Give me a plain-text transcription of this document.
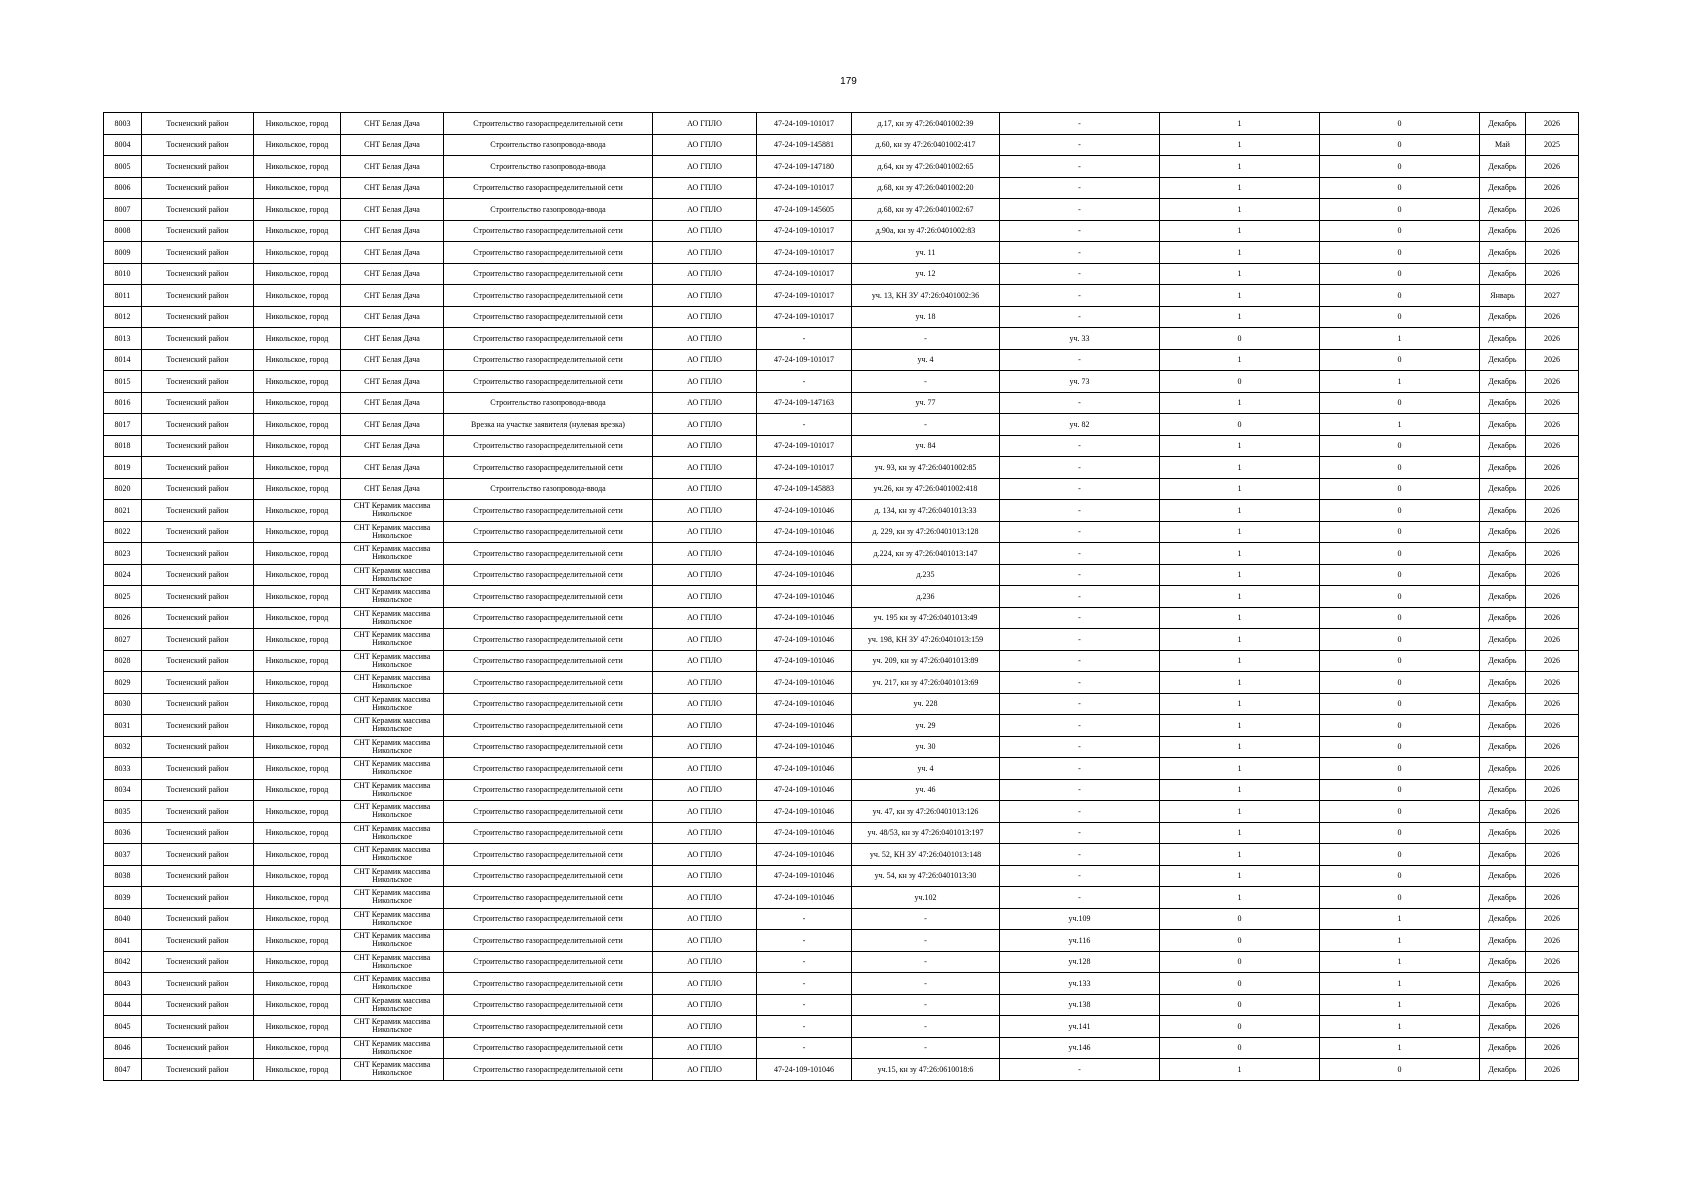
179
8003	Тосненский район	Никольское, город	СНТ Белая Дача	Строительство газораспределительной сети	АО ГПЛО	47-24-109-101017	д.17, кн зу 47:26:0401002:39	-	1	0	Декабрь	2026
8004	Тосненский район	Никольское, город	СНТ Белая Дача	Строительство газопровода-ввода	АО ГПЛО	47-24-109-145881	д.60, кн зу 47:26:0401002:417	-	1	0	Май	2025
8005	Тосненский район	Никольское, город	СНТ Белая Дача	Строительство газопровода-ввода	АО ГПЛО	47-24-109-147180	д.64, кн зу 47:26:0401002:65	-	1	0	Декабрь	2026
8006	Тосненский район	Никольское, город	СНТ Белая Дача	Строительство газораспределительной сети	АО ГПЛО	47-24-109-101017	д.68, кн зу 47:26:0401002:20	-	1	0	Декабрь	2026
8007	Тосненский район	Никольское, город	СНТ Белая Дача	Строительство газопровода-ввода	АО ГПЛО	47-24-109-145605	д.68, кн зу 47:26:0401002:67	-	1	0	Декабрь	2026
8008	Тосненский район	Никольское, город	СНТ Белая Дача	Строительство газораспределительной сети	АО ГПЛО	47-24-109-101017	д.90а, кн зу 47:26:0401002:83	-	1	0	Декабрь	2026
8009	Тосненский район	Никольское, город	СНТ Белая Дача	Строительство газораспределительной сети	АО ГПЛО	47-24-109-101017	уч. 11	-	1	0	Декабрь	2026
8010	Тосненский район	Никольское, город	СНТ Белая Дача	Строительство газораспределительной сети	АО ГПЛО	47-24-109-101017	уч. 12	-	1	0	Декабрь	2026
8011	Тосненский район	Никольское, город	СНТ Белая Дача	Строительство газораспределительной сети	АО ГПЛО	47-24-109-101017	уч. 13, КН ЗУ 47:26:0401002:36	-	1	0	Январь	2027
8012	Тосненский район	Никольское, город	СНТ Белая Дача	Строительство газораспределительной сети	АО ГПЛО	47-24-109-101017	уч. 18	-	1	0	Декабрь	2026
8013	Тосненский район	Никольское, город	СНТ Белая Дача	Строительство газораспределительной сети	АО ГПЛО	-	-	уч. 33	0	1	Декабрь	2026
8014	Тосненский район	Никольское, город	СНТ Белая Дача	Строительство газораспределительной сети	АО ГПЛО	47-24-109-101017	уч. 4	-	1	0	Декабрь	2026
8015	Тосненский район	Никольское, город	СНТ Белая Дача	Строительство газораспределительной сети	АО ГПЛО	-	-	уч. 73	0	1	Декабрь	2026
8016	Тосненский район	Никольское, город	СНТ Белая Дача	Строительство газопровода-ввода	АО ГПЛО	47-24-109-147163	уч. 77	-	1	0	Декабрь	2026
8017	Тосненский район	Никольское, город	СНТ Белая Дача	Врезка на участке заявителя (нулевая врезка)	АО ГПЛО	-	-	уч. 82	0	1	Декабрь	2026
8018	Тосненский район	Никольское, город	СНТ Белая Дача	Строительство газораспределительной сети	АО ГПЛО	47-24-109-101017	уч. 84	-	1	0	Декабрь	2026
8019	Тосненский район	Никольское, город	СНТ Белая Дача	Строительство газораспределительной сети	АО ГПЛО	47-24-109-101017	уч. 93, кн зу 47:26:0401002:85	-	1	0	Декабрь	2026
8020	Тосненский район	Никольское, город	СНТ Белая Дача	Строительство газопровода-ввода	АО ГПЛО	47-24-109-145883	уч.26, кн зу 47:26:0401002:418	-	1	0	Декабрь	2026
8021	Тосненский район	Никольское, город	СНТ Керамик массива Никольское	Строительство газораспределительной сети	АО ГПЛО	47-24-109-101046	д. 134, кн зу 47:26:0401013:33	-	1	0	Декабрь	2026
8022	Тосненский район	Никольское, город	СНТ Керамик массива Никольское	Строительство газораспределительной сети	АО ГПЛО	47-24-109-101046	д. 229, кн зу 47:26:0401013:128	-	1	0	Декабрь	2026
8023	Тосненский район	Никольское, город	СНТ Керамик массива Никольское	Строительство газораспределительной сети	АО ГПЛО	47-24-109-101046	д.224, кн зу 47:26:0401013:147	-	1	0	Декабрь	2026
8024	Тосненский район	Никольское, город	СНТ Керамик массива Никольское	Строительство газораспределительной сети	АО ГПЛО	47-24-109-101046	д.235	-	1	0	Декабрь	2026
8025	Тосненский район	Никольское, город	СНТ Керамик массива Никольское	Строительство газораспределительной сети	АО ГПЛО	47-24-109-101046	д.236	-	1	0	Декабрь	2026
8026	Тосненский район	Никольское, город	СНТ Керамик массива Никольское	Строительство газораспределительной сети	АО ГПЛО	47-24-109-101046	уч. 195 кн зу 47:26:0401013:49	-	1	0	Декабрь	2026
8027	Тосненский район	Никольское, город	СНТ Керамик массива Никольское	Строительство газораспределительной сети	АО ГПЛО	47-24-109-101046	уч. 198, КН ЗУ 47:26:0401013:159	-	1	0	Декабрь	2026
8028	Тосненский район	Никольское, город	СНТ Керамик массива Никольское	Строительство газораспределительной сети	АО ГПЛО	47-24-109-101046	уч. 209, кн зу 47:26:0401013:89	-	1	0	Декабрь	2026
8029	Тосненский район	Никольское, город	СНТ Керамик массива Никольское	Строительство газораспределительной сети	АО ГПЛО	47-24-109-101046	уч. 217, кн зу 47:26:0401013:69	-	1	0	Декабрь	2026
8030	Тосненский район	Никольское, город	СНТ Керамик массива Никольское	Строительство газораспределительной сети	АО ГПЛО	47-24-109-101046	уч. 228	-	1	0	Декабрь	2026
8031	Тосненский район	Никольское, город	СНТ Керамик массива Никольское	Строительство газораспределительной сети	АО ГПЛО	47-24-109-101046	уч. 29	-	1	0	Декабрь	2026
8032	Тосненский район	Никольское, город	СНТ Керамик массива Никольское	Строительство газораспределительной сети	АО ГПЛО	47-24-109-101046	уч. 30	-	1	0	Декабрь	2026
8033	Тосненский район	Никольское, город	СНТ Керамик массива Никольское	Строительство газораспределительной сети	АО ГПЛО	47-24-109-101046	уч. 4	-	1	0	Декабрь	2026
8034	Тосненский район	Никольское, город	СНТ Керамик массива Никольское	Строительство газораспределительной сети	АО ГПЛО	47-24-109-101046	уч. 46	-	1	0	Декабрь	2026
8035	Тосненский район	Никольское, город	СНТ Керамик массива Никольское	Строительство газораспределительной сети	АО ГПЛО	47-24-109-101046	уч. 47, кн зу 47:26:0401013:126	-	1	0	Декабрь	2026
8036	Тосненский район	Никольское, город	СНТ Керамик массива Никольское	Строительство газораспределительной сети	АО ГПЛО	47-24-109-101046	уч. 48/53, кн зу 47:26:0401013:197	-	1	0	Декабрь	2026
8037	Тосненский район	Никольское, город	СНТ Керамик массива Никольское	Строительство газораспределительной сети	АО ГПЛО	47-24-109-101046	уч. 52, КН ЗУ 47:26:0401013:148	-	1	0	Декабрь	2026
8038	Тосненский район	Никольское, город	СНТ Керамик массива Никольское	Строительство газораспределительной сети	АО ГПЛО	47-24-109-101046	уч. 54, кн зу 47:26:0401013:30	-	1	0	Декабрь	2026
8039	Тосненский район	Никольское, город	СНТ Керамик массива Никольское	Строительство газораспределительной сети	АО ГПЛО	47-24-109-101046	уч.102	-	1	0	Декабрь	2026
8040	Тосненский район	Никольское, город	СНТ Керамик массива Никольское	Строительство газораспределительной сети	АО ГПЛО	-	-	уч.109	0	1	Декабрь	2026
8041	Тосненский район	Никольское, город	СНТ Керамик массива Никольское	Строительство газораспределительной сети	АО ГПЛО	-	-	уч.116	0	1	Декабрь	2026
8042	Тосненский район	Никольское, город	СНТ Керамик массива Никольское	Строительство газораспределительной сети	АО ГПЛО	-	-	уч.128	0	1	Декабрь	2026
8043	Тосненский район	Никольское, город	СНТ Керамик массива Никольское	Строительство газораспределительной сети	АО ГПЛО	-	-	уч.133	0	1	Декабрь	2026
8044	Тосненский район	Никольское, город	СНТ Керамик массива Никольское	Строительство газораспределительной сети	АО ГПЛО	-	-	уч.138	0	1	Декабрь	2026
8045	Тосненский район	Никольское, город	СНТ Керамик массива Никольское	Строительство газораспределительной сети	АО ГПЛО	-	-	уч.141	0	1	Декабрь	2026
8046	Тосненский район	Никольское, город	СНТ Керамик массива Никольское	Строительство газораспределительной сети	АО ГПЛО	-	-	уч.146	0	1	Декабрь	2026
8047	Тосненский район	Никольское, город	СНТ Керамик массива Никольское	Строительство газораспределительной сети	АО ГПЛО	47-24-109-101046	уч.15, кн зу 47:26:0610018:6	-	1	0	Декабрь	2026
